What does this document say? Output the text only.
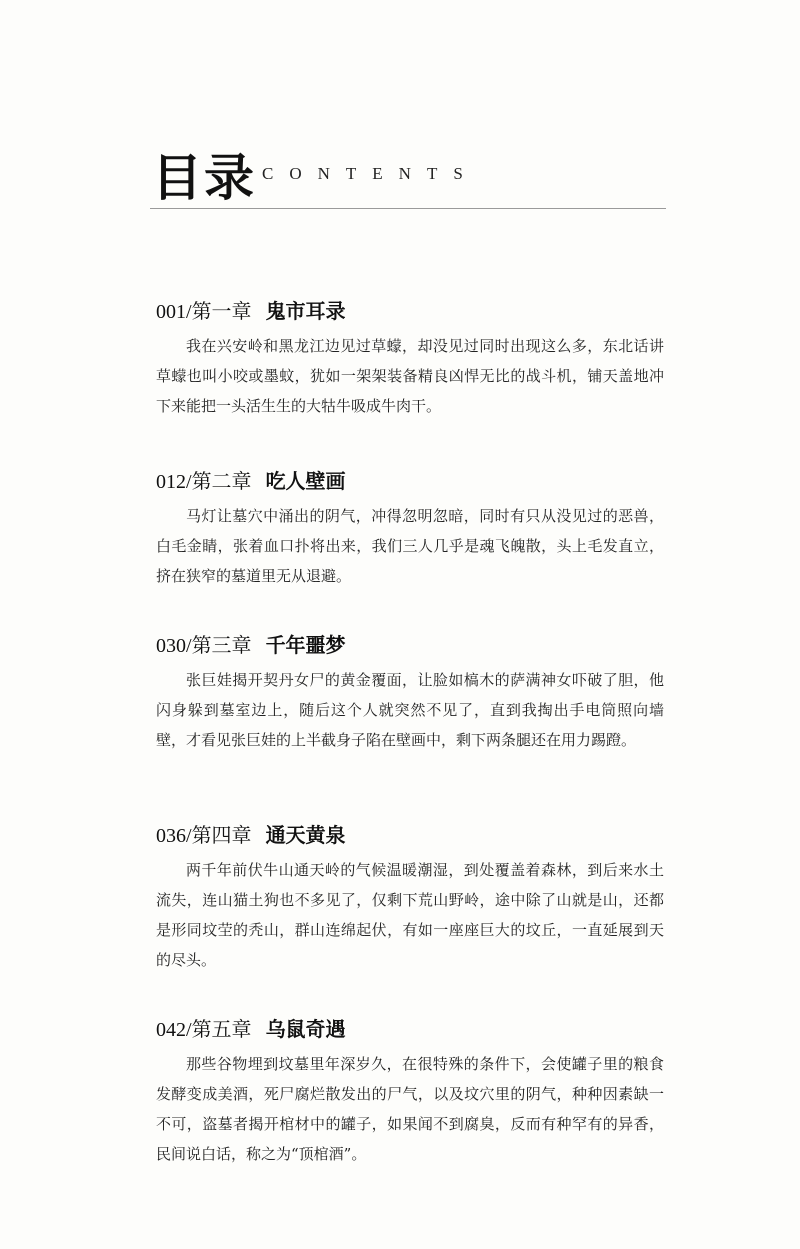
目录 CONTENTS
001/第一章 鬼市耳录
我在兴安岭和黑龙江边见过草蠓，却没见过同时出现这么多，东北话讲草蠓也叫小咬或墨蚊，犹如一架架装备精良凶悍无比的战斗机，铺天盖地冲下来能把一头活生生的大牯牛吸成牛肉干。
012/第二章 吃人壁画
马灯让墓穴中涌出的阴气，冲得忽明忽暗，同时有只从没见过的恶兽，白毛金睛，张着血口扑将出来，我们三人几乎是魂飞魄散，头上毛发直立，挤在狭窄的墓道里无从退避。
030/第三章 千年噩梦
张巨娃揭开契丹女尸的黄金覆面，让脸如槁木的萨满神女吓破了胆，他闪身躲到墓室边上，随后这个人就突然不见了，直到我掏出手电筒照向墙壁，才看见张巨娃的上半截身子陷在壁画中，剩下两条腿还在用力踢蹬。
036/第四章 通天黄泉
两千年前伏牛山通天岭的气候温暖潮湿，到处覆盖着森林，到后来水土流失，连山猫土狗也不多见了，仅剩下荒山野岭，途中除了山就是山，还都是形同坟茔的秃山，群山连绵起伏，有如一座座巨大的坟丘，一直延展到天的尽头。
042/第五章 乌鼠奇遇
那些谷物埋到坟墓里年深岁久，在很特殊的条件下，会使罐子里的粮食发酵变成美酒，死尸腐烂散发出的尸气，以及坟穴里的阴气，种种因素缺一不可，盗墓者揭开棺材中的罐子，如果闻不到腐臭，反而有种罕有的异香，民间说白话，称之为“顶棺酒”。
